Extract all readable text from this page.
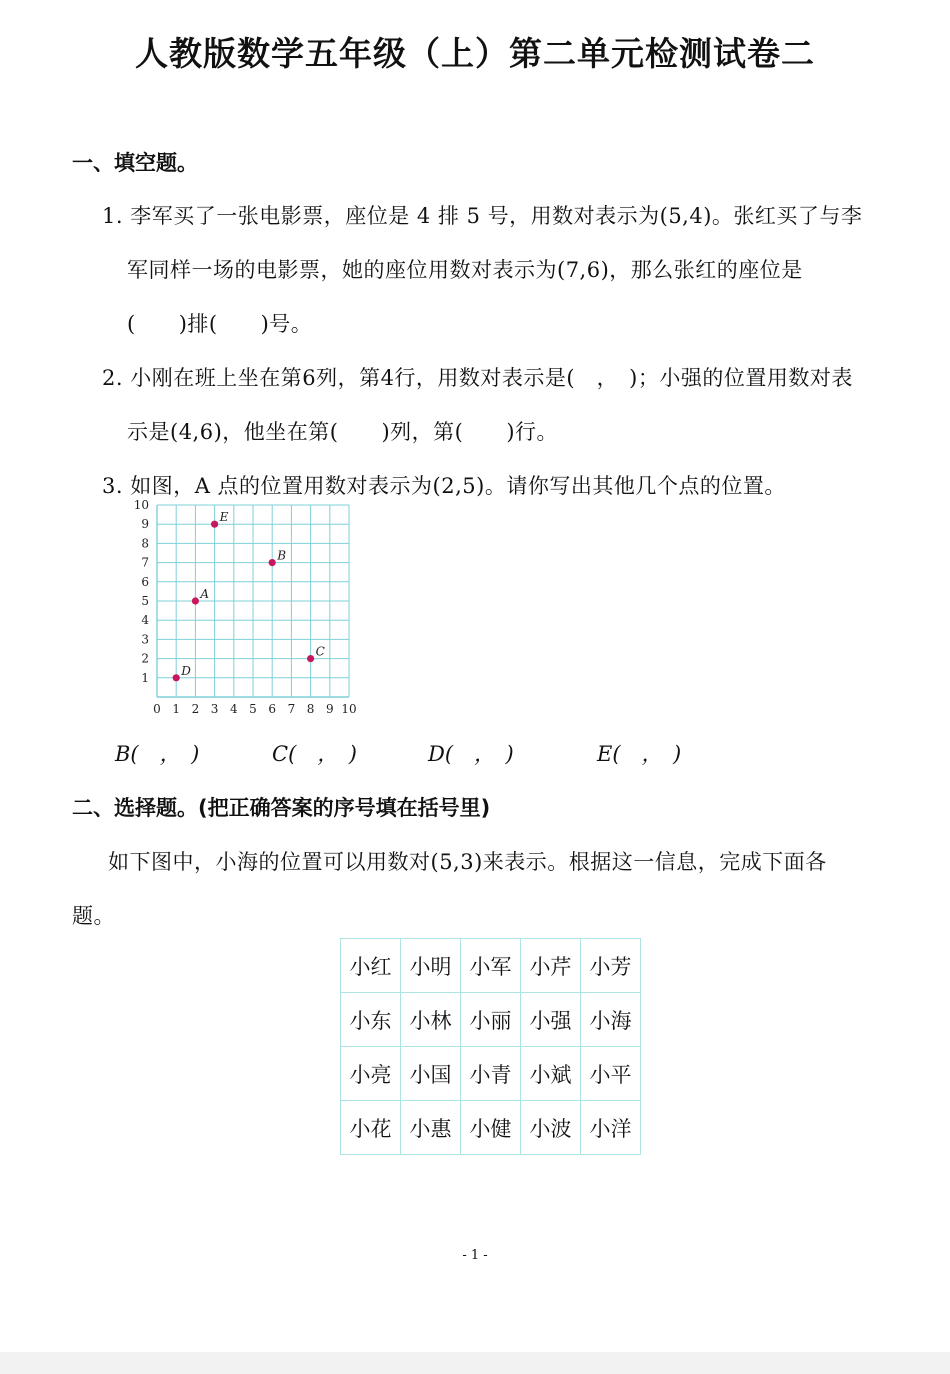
人教版数学五年级（上）第二单元检测试卷二
一、填空题。
1. 李军买了一张电影票，座位是 4 排 5 号，用数对表示为(5,4)。张红买了与李
军同样一场的电影票，她的座位用数对表示为(7,6)，那么张红的座位是
(　　)排(　　)号。
2. 小刚在班上坐在第6列，第4行，用数对表示是(　，　)；小强的位置用数对表
示是(4,6)，他坐在第(　　)列，第(　　)行。
3. 如图，A 点的位置用数对表示为(2,5)。请你写出其他几个点的位置。
0 1 2 3 4 5 6 7 8 9 10
1
2
3
4
5
6
7
8
9
10
A
B
C
D
E
B(　，　)	C(　，　)	D(　，　)	E(　，　)
二、选择题。(把正确答案的序号填在括号里)
如下图中，小海的位置可以用数对(5,3)来表示。根据这一信息，完成下面各
题。
小红	小明	小军	小芹	小芳
小东	小林	小丽	小强	小海
小亮	小国	小青	小斌	小平
小花	小惠	小健	小波	小洋
- 1 -
